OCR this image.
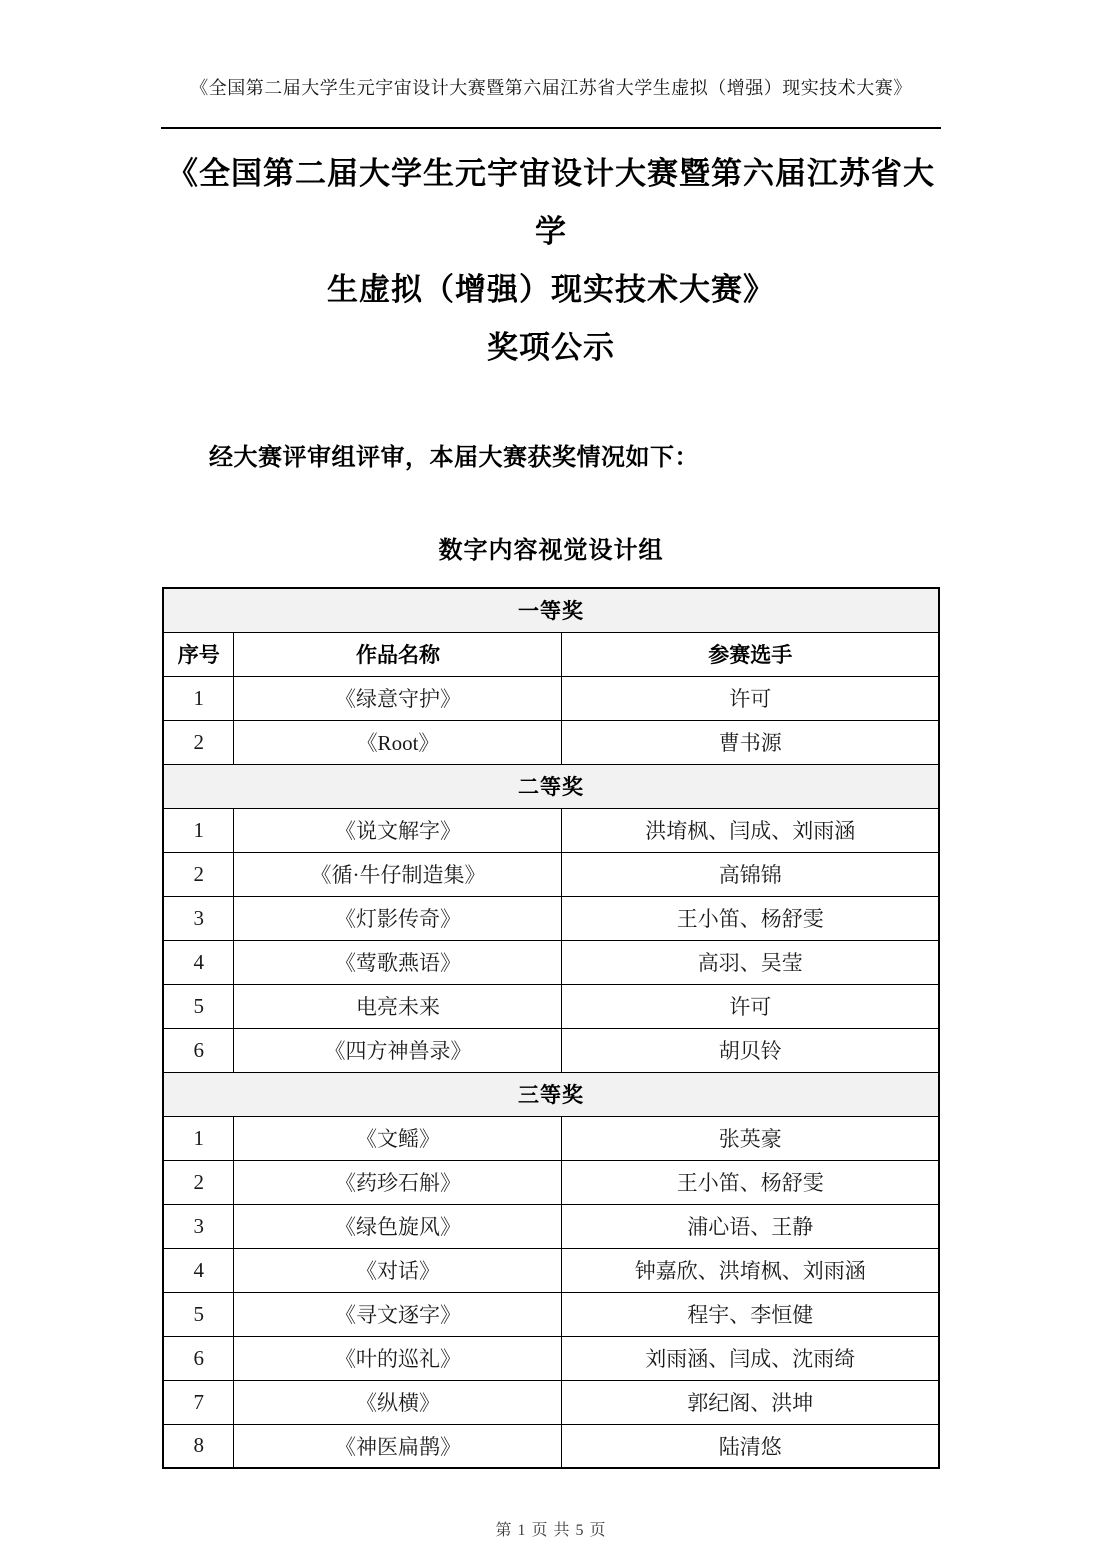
《全国第二届大学生元宇宙设计大赛暨第六届江苏省大学生虚拟（增强）现实技术大赛》
《全国第二届大学生元宇宙设计大赛暨第六届江苏省大学
生虚拟（增强）现实技术大赛》
奖项公示
经大赛评审组评审，本届大赛获奖情况如下：
数字内容视觉设计组
一等奖		
序号	作品名称	参赛选手
1	《绿意守护》	许可
2	《Root》	曹书源
二等奖		
1	《说文解字》	洪堉枫、闫成、刘雨涵
2	《循·牛仔制造集》	高锦锦
3	《灯影传奇》	王小笛、杨舒雯
4	《莺歌燕语》	高羽、吴莹
5	电亮未来	许可
6	《四方神兽录》	胡贝铃
三等奖		
1	《文鳐》	张英豪
2	《药珍石斛》	王小笛、杨舒雯
3	《绿色旋风》	浦心语、王静
4	《对话》	钟嘉欣、洪堉枫、刘雨涵
5	《寻文逐字》	程宇、李恒健
6	《叶的巡礼》	刘雨涵、闫成、沈雨绮
7	《纵横》	郭纪阁、洪坤
8	《神医扁鹊》	陆清悠
第 1 页 共 5 页
